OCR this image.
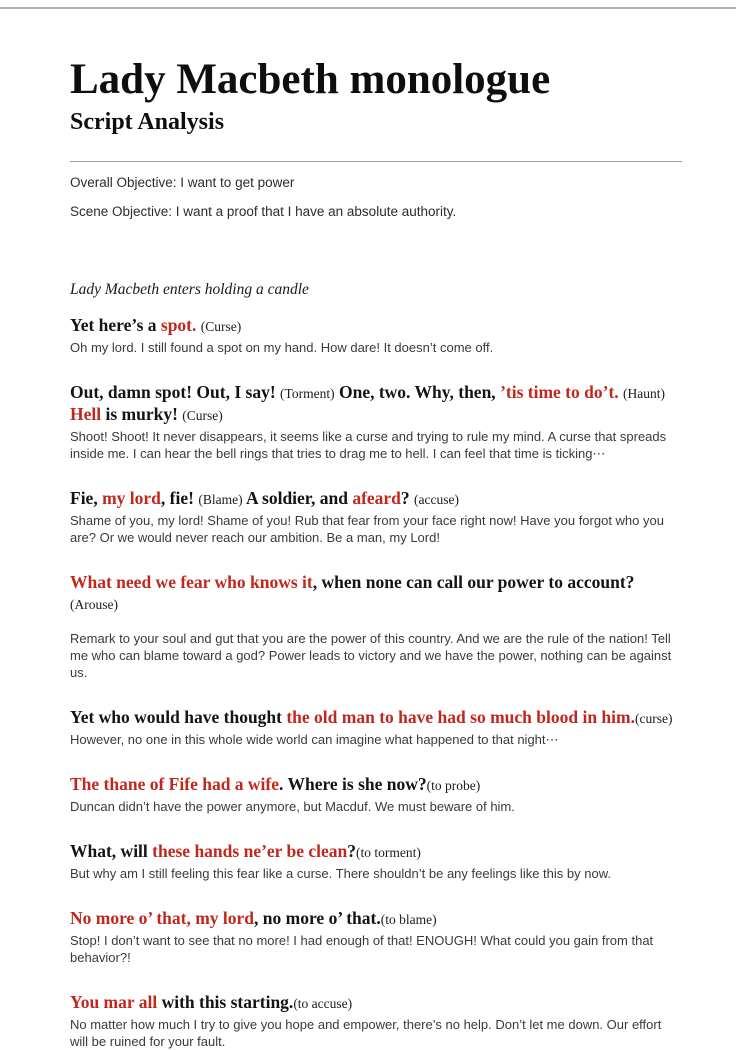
Lady Macbeth monologue
Script Analysis

Overall Objective: I want to get power

Scene Objective: I want a proof that I have an absolute authority.

Lady Macbeth enters holding a candle

Yet here’s a spot. (Curse)

Oh my lord. I still found a spot on my hand. How dare! It doesn’t come off.

Out, damn spot! Out, I say! (Torment) One, two. Why, then, ’tis time to do’t. (Haunt)
Hell is murky! (Curse)

Shoot! Shoot! It never disappears, it seems like a curse and trying to rule my mind. A curse that spreads inside me. I can hear the bell rings that tries to drag me to hell. I can feel that time is ticking⋯

Fie, my lord, fie! (Blame) A soldier, and afeard? (accuse)

Shame of you, my lord! Shame of you! Rub that fear from your face right now! Have you forgot who you are? Or we would never reach our ambition. Be a man, my Lord!

What need we fear who knows it, when none can call our power to account?
(Arouse)

Remark to your soul and gut that you are the power of this country. And we are the rule of the nation! Tell me who can blame toward a god? Power leads to victory and we have the power, nothing can be against us.

Yet who would have thought the old man to have had so much blood in him.(curse)

However, no one in this whole wide world can imagine what happened to that night⋯

The thane of Fife had a wife. Where is she now?(to probe)

Duncan didn’t have the power anymore, but Macduf. We must beware of him.

What, will these hands ne’er be clean?(to torment)

But why am I still feeling this fear like a curse. There shouldn’t be any feelings like this by now.

No more o’ that, my lord, no more o’ that.(to blame)

Stop! I don’t want to see that no more! I had enough of that! ENOUGH! What could you gain from that behavior?!

You mar all with this starting.(to accuse)

No matter how much I try to give you hope and empower, there’s no help. Don’t let me down. Our effort will be ruined for your fault.
